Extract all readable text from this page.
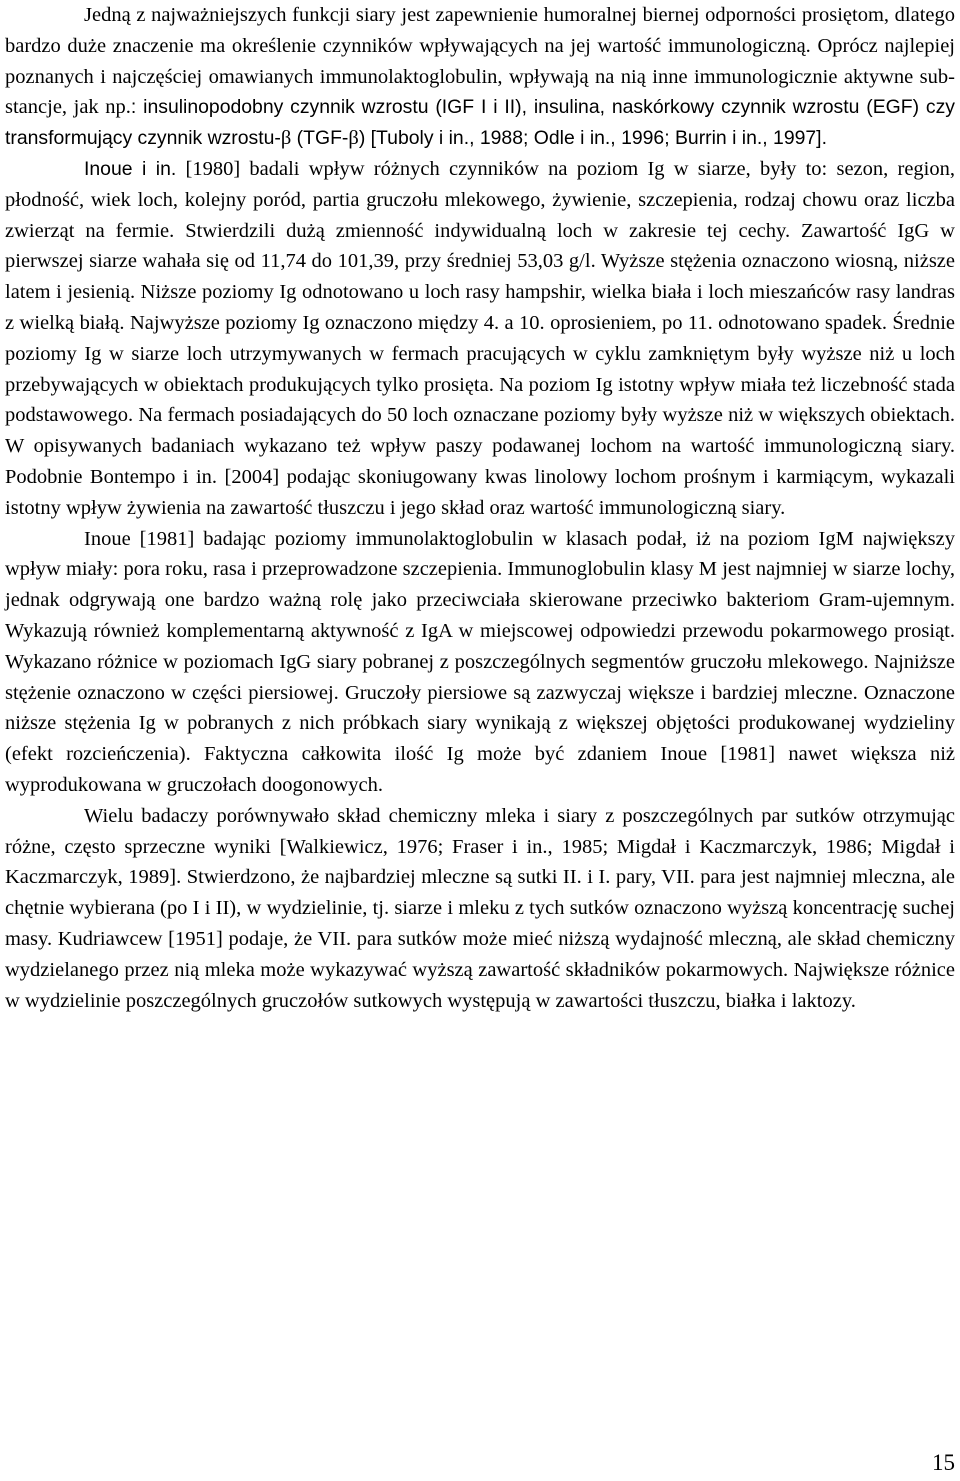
Jedną z najważniejszych funkcji siary jest zapewnienie humoralnej biernej odporności prosiętom, dlatego bardzo duże znaczenie ma określenie czynników wpływających na jej wartość immunologiczną. Oprócz najlepiej poznanych i najczęściej omawianych immunolaktoglobulin, wpływają na nią inne immunologicznie aktywne substancje, jak np.: insulinopodobny czynnik wzrostu (IGF I i II), insulina, naskórkowy czynnik wzrostu (EGF) czy transformujący czynnik wzrostu-β (TGF-β) [Tuboly i in., 1988; Odle i in., 1996; Burrin i in., 1997].

Inoue i in. [1980] badali wpływ różnych czynników na poziom Ig w siarze, były to: sezon, region, płodność, wiek loch, kolejny poród, partia gruczołu mlekowego, żywienie, szczepienia, rodzaj chowu oraz liczba zwierząt na fermie. Stwierdzili dużą zmienność indywidualną loch w zakresie tej cechy. Zawartość IgG w pierwszej siarze wahała się od 11,74 do 101,39, przy średniej 53,03 g/l. Wyższe stężenia oznaczono wiosną, niższe latem i jesienią. Niższe poziomy Ig odnotowano u loch rasy hampshir, wielka biała i loch mieszańców rasy landras z wielką białą. Najwyższe poziomy Ig oznaczono między 4. a 10. oprosieniem, po 11. odnotowano spadek. Średnie poziomy Ig w siarze loch utrzymywanych w fermach pracujących w cyklu zamkniętym były wyższe niż u loch przebywających w obiektach produkujących tylko prosięta. Na poziom Ig istotny wpływ miała też liczebność stada podstawowego. Na fermach posiadających do 50 loch oznaczane poziomy były wyższe niż w większych obiektach. W opisywanych badaniach wykazano też wpływ paszy podawanej lochom na wartość immunologiczną siary. Podobnie Bontempo i in. [2004] podając skoniugowany kwas linolowy lochom prośnym i karmiącym, wykazali istotny wpływ żywienia na zawartość tłuszczu i jego skład oraz wartość immunologiczną siary.

Inoue [1981] badając poziomy immunolaktoglobulin w klasach podał, iż na poziom IgM największy wpływ miały: pora roku, rasa i przeprowadzone szczepienia. Immunoglobulin klasy M jest najmniej w siarze lochy, jednak odgrywają one bardzo ważną rolę jako przeciwciała skierowane przeciwko bakteriom Gram-ujemnym. Wykazują również komplementarną aktywność z IgA w miejscowej odpowiedzi przewodu pokarmowego prosiąt. Wykazano różnice w poziomach IgG siary pobranej z poszczególnych segmentów gruczołu mlekowego. Najniższe stężenie oznaczono w części piersiowej. Gruczoły piersiowe są zazwyczaj większe i bardziej mleczne. Oznaczone niższe stężenia Ig w pobranych z nich próbkach siary wynikają z większej objętości produkowanej wydzieliny (efekt rozcieńczenia). Faktyczna całkowita ilość Ig może być zdaniem Inoue [1981] nawet większa niż wyprodukowana w gruczołach doogonowych.

Wielu badaczy porównywało skład chemiczny mleka i siary z poszczególnych par sutków otrzymując różne, często sprzeczne wyniki [Walkiewicz, 1976; Fraser i in., 1985; Migdał i Kaczmarczyk, 1986; Migdał i Kaczmarczyk, 1989]. Stwierdzono, że najbardziej mleczne są sutki II. i I. pary, VII. para jest najmniej mleczna, ale chętnie wybierana (po I i II), w wydzielinie, tj. siarze i mleku z tych sutków oznaczono wyższą koncentrację suchej masy. Kudriawcew [1951] podaje, że VII. para sutków może mieć niższą wydajność mleczną, ale skład chemiczny wydzielanego przez nią mleka może wykazywać wyższą zawartość składników pokarmowych. Największe różnice w wydzielinie poszczególnych gruczołów sutkowych występują w zawartości tłuszczu, białka i laktozy.

15
